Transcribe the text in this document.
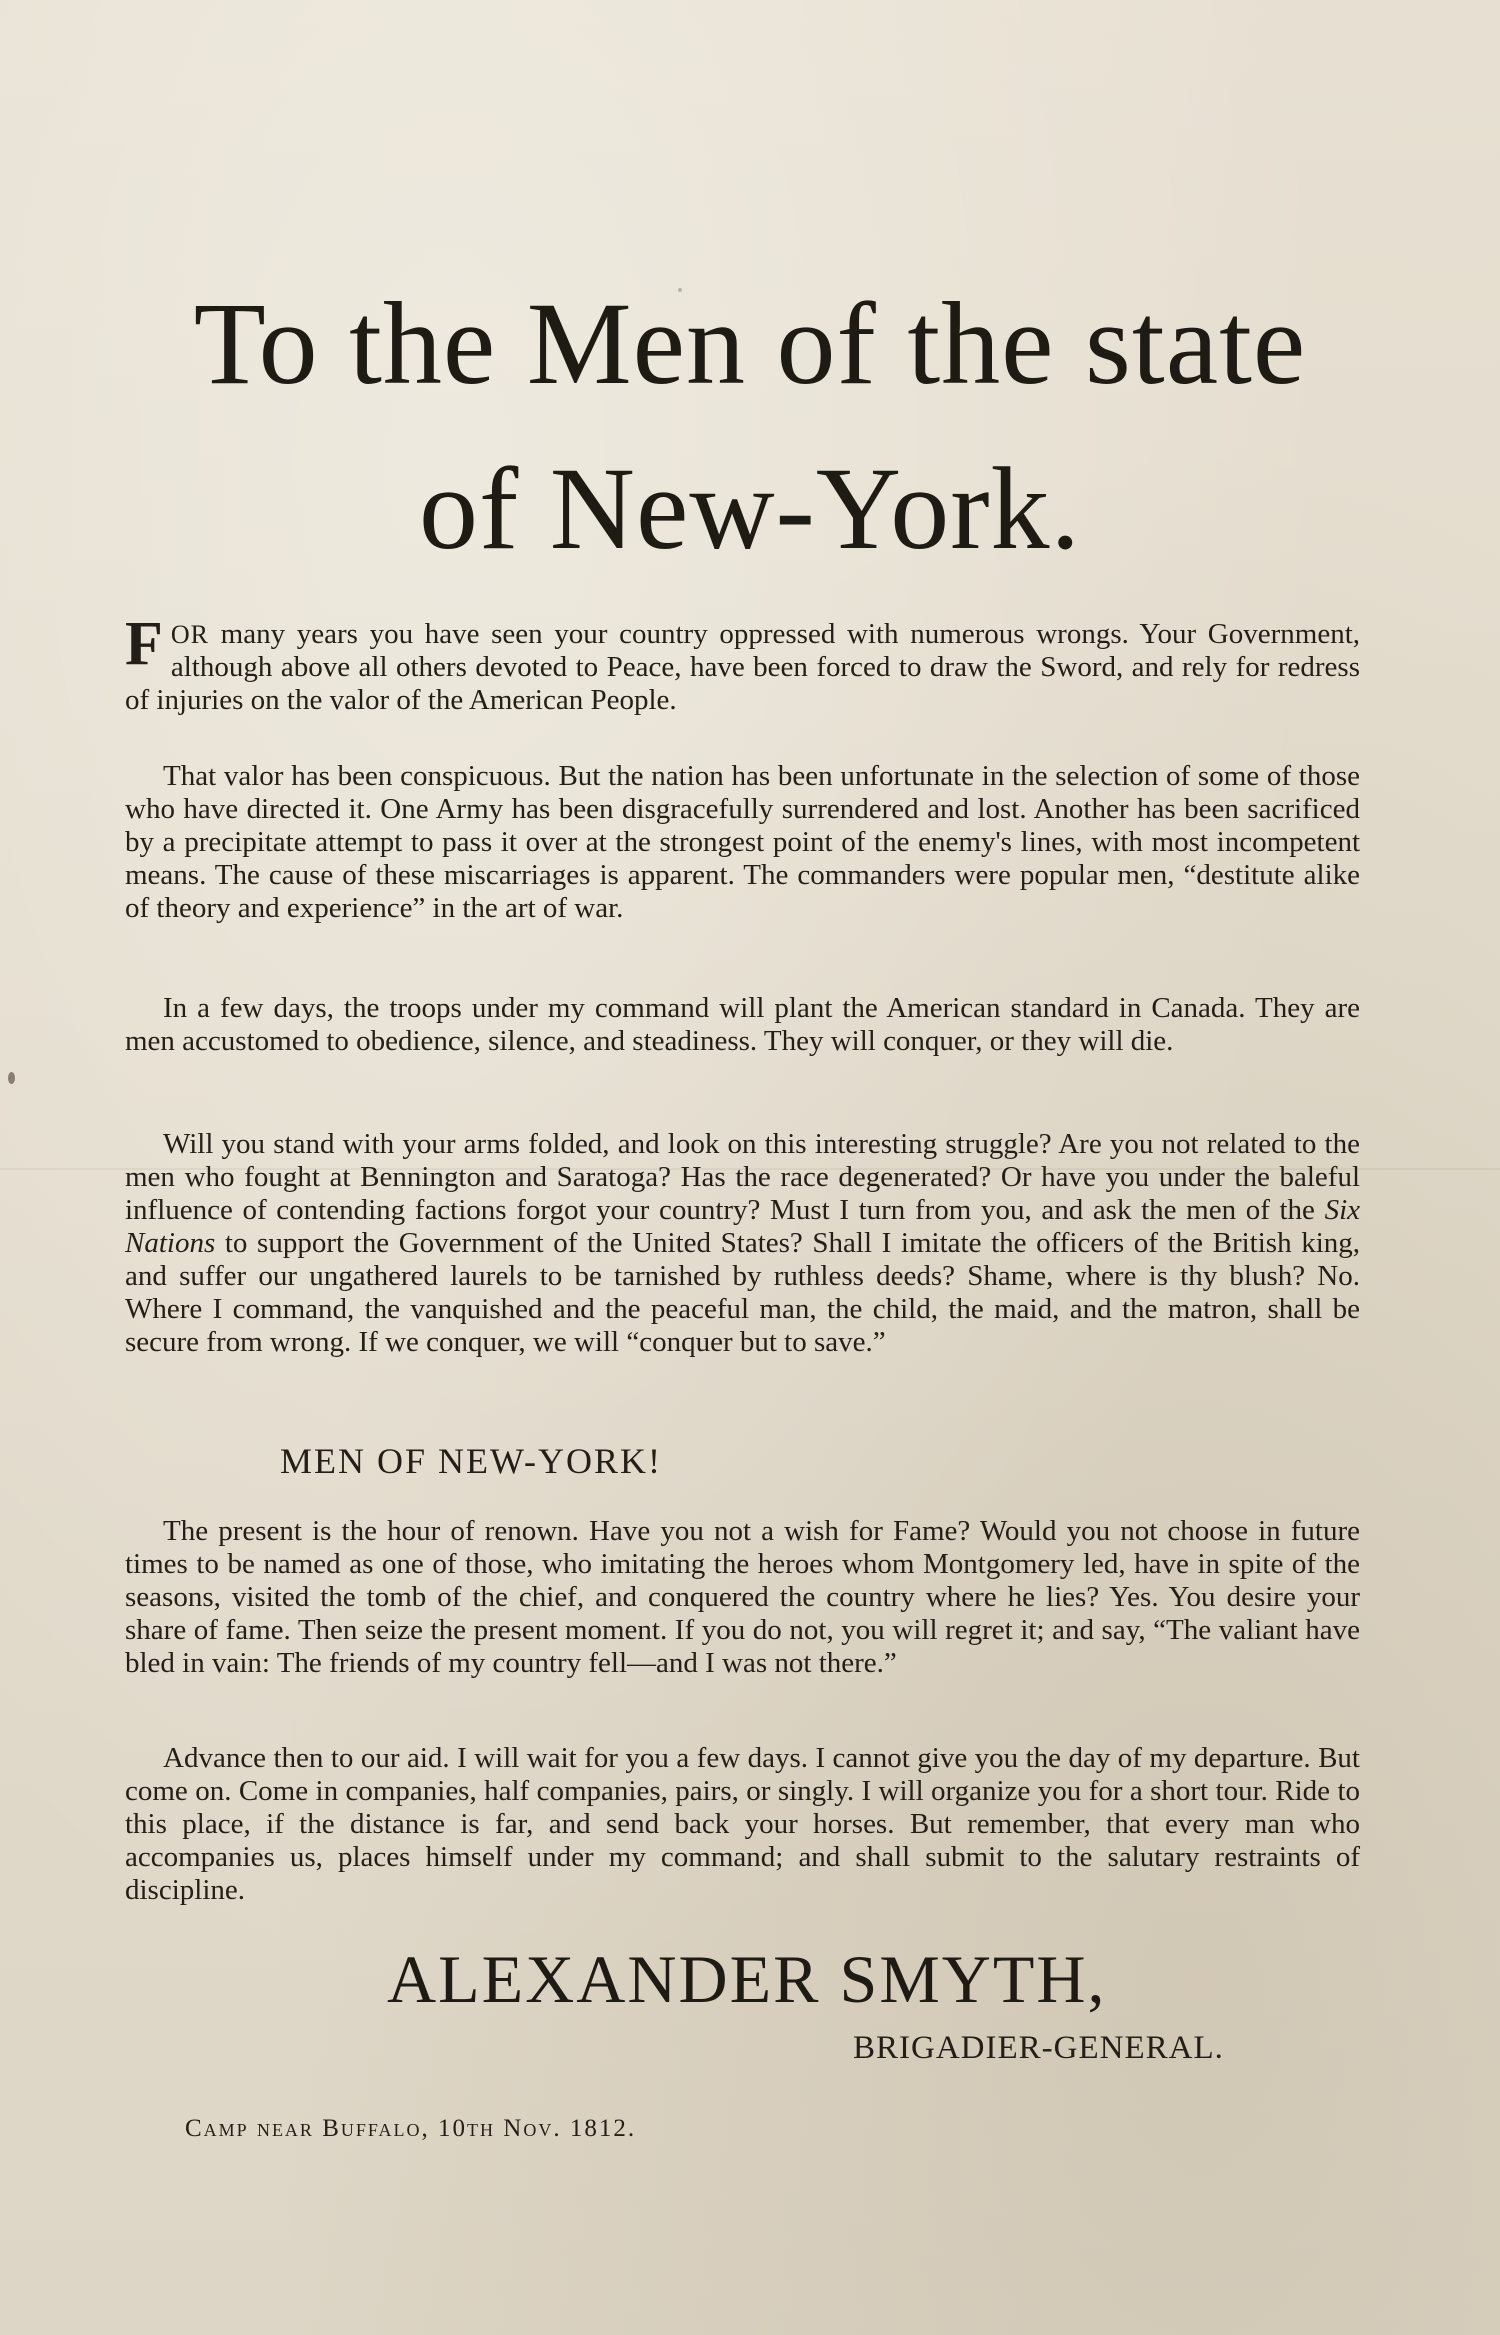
To the Men of the state
of New-York.

FOR many years you have seen your country oppressed with numerous wrongs. Your Government, although above all others devoted to Peace, have been forced to draw the Sword, and rely for redress of injuries on the valor of the American People.

That valor has been conspicuous. But the nation has been unfortunate in the selection of some of those who have directed it. One Army has been disgracefully surrendered and lost. Another has been sacrificed by a precipitate attempt to pass it over at the strongest point of the enemy's lines, with most incompetent means. The cause of these miscarriages is apparent. The commanders were popular men, “destitute alike of theory and experience” in the art of war.

In a few days, the troops under my command will plant the American standard in Canada. They are men accustomed to obedience, silence, and steadiness. They will conquer, or they will die.

Will you stand with your arms folded, and look on this interesting struggle? Are you not related to the men who fought at Bennington and Saratoga? Has the race degenerated? Or have you under the baleful influence of contending factions forgot your country? Must I turn from you, and ask the men of the Six Nations to support the Government of the United States? Shall I imitate the officers of the British king, and suffer our ungathered laurels to be tarnished by ruthless deeds? Shame, where is thy blush? No. Where I command, the vanquished and the peaceful man, the child, the maid, and the matron, shall be secure from wrong. If we conquer, we will “conquer but to save.”

MEN OF NEW-YORK!

The present is the hour of renown. Have you not a wish for Fame? Would you not choose in future times to be named as one of those, who imitating the heroes whom Montgomery led, have in spite of the seasons, visited the tomb of the chief, and conquered the country where he lies? Yes. You desire your share of fame. Then seize the present moment. If you do not, you will regret it; and say, “The valiant have bled in vain: The friends of my country fell—and I was not there.”

Advance then to our aid. I will wait for you a few days. I cannot give you the day of my departure. But come on. Come in companies, half companies, pairs, or singly. I will organize you for a short tour. Ride to this place, if the distance is far, and send back your horses. But remember, that every man who accompanies us, places himself under my command; and shall submit to the salutary restraints of discipline.

ALEXANDER SMYTH,

BRIGADIER-GENERAL.

Camp near Buffalo, 10th Nov. 1812.
